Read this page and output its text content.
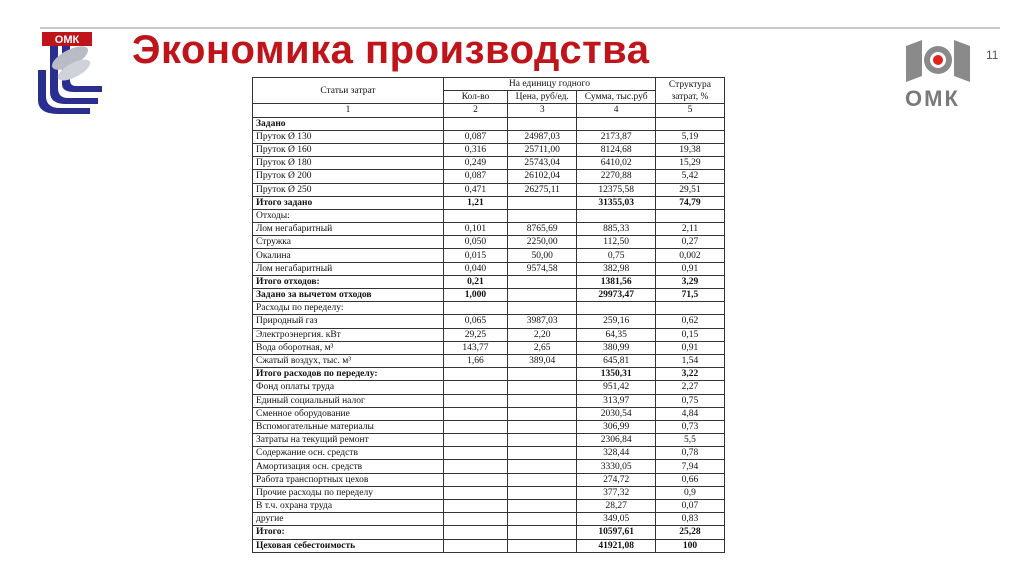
ОМК Экономика производства	11
ОМК
Статьи затрат	На единицу годного			Структура затрат, %
	Кол-во	Цена, руб/ед.	Сумма, тыс.руб	
1	2	3	4	5
Задано				
Пруток Ø 130	0,087	24987,03	2173,87	5,19
Пруток Ø 160	0,316	25711,00	8124,68	19,38
Пруток Ø 180	0,249	25743,04	6410,02	15,29
Пруток Ø 200	0,087	26102,04	2270,88	5,42
Пруток Ø 250	0,471	26275,11	12375,58	29,51
Итого задано	1,21		31355,03	74,79
Отходы:				
Лом негабаритный	0,101	8765,69	885,33	2,11
Стружка	0,050	2250,00	112,50	0,27
Окалина	0,015	50,00	0,75	0,002
Лом негабаритный	0,040	9574,58	382,98	0,91
Итого отходов:	0,21		1381,56	3,29
Задано за вычетом отходов	1,000		29973,47	71,5
Расходы по переделу:				
Природный газ	0,065	3987,03	259,16	0,62
Электроэнергия. кВт	29,25	2,20	64,35	0,15
Вода оборотная, м³	143,77	2,65	380,99	0,91
Сжатый воздух, тыс. м³	1,66	389,04	645,81	1,54
Итого расходов по переделу:			1350,31	3,22
Фонд оплаты труда			951,42	2,27
Единый социальный налог			313,97	0,75
Сменное оборудование			2030,54	4,84
Вспомогательные материалы			306,99	0,73
Затраты на текущий ремонт			2306,84	5,5
Содержание осн. средств			328,44	0,78
Амортизация осн. средств			3330,05	7,94
Работа транспортных цехов			274,72	0,66
Прочие расходы по переделу			377,32	0,9
В т.ч. охрана труда			28,27	0,07
другие			349,05	0,83
Итого:			10597,61	25,28
Цеховая себестоимость			41921,08	100
